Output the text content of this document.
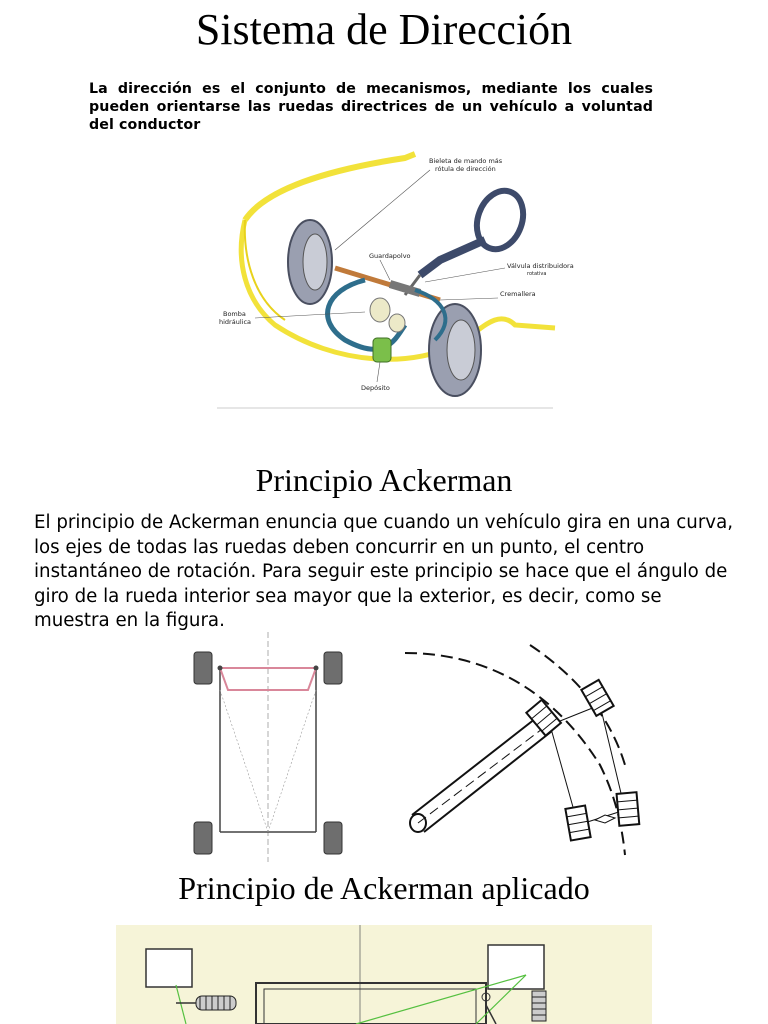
Sistema de Dirección
La dirección es el conjunto de mecanismos, mediante los cuales pueden orientarse las ruedas directrices de un vehículo a voluntad del conductor
Bieleta de mando más
rótula de dirección
Guardapolvo
Válvula distribuidora
rotativa
Cremallera
Bomba
hidráulica
Depósito
Principio Ackerman
El principio de Ackerman enuncia que cuando un vehículo gira en una curva, los ejes de todas las ruedas deben concurrir en un punto, el centro instantáneo de rotación. Para seguir este principio se hace que el ángulo de giro de la rueda interior sea mayor que la exterior, es decir, como se muestra en la figura.
Principio de Ackerman aplicado
